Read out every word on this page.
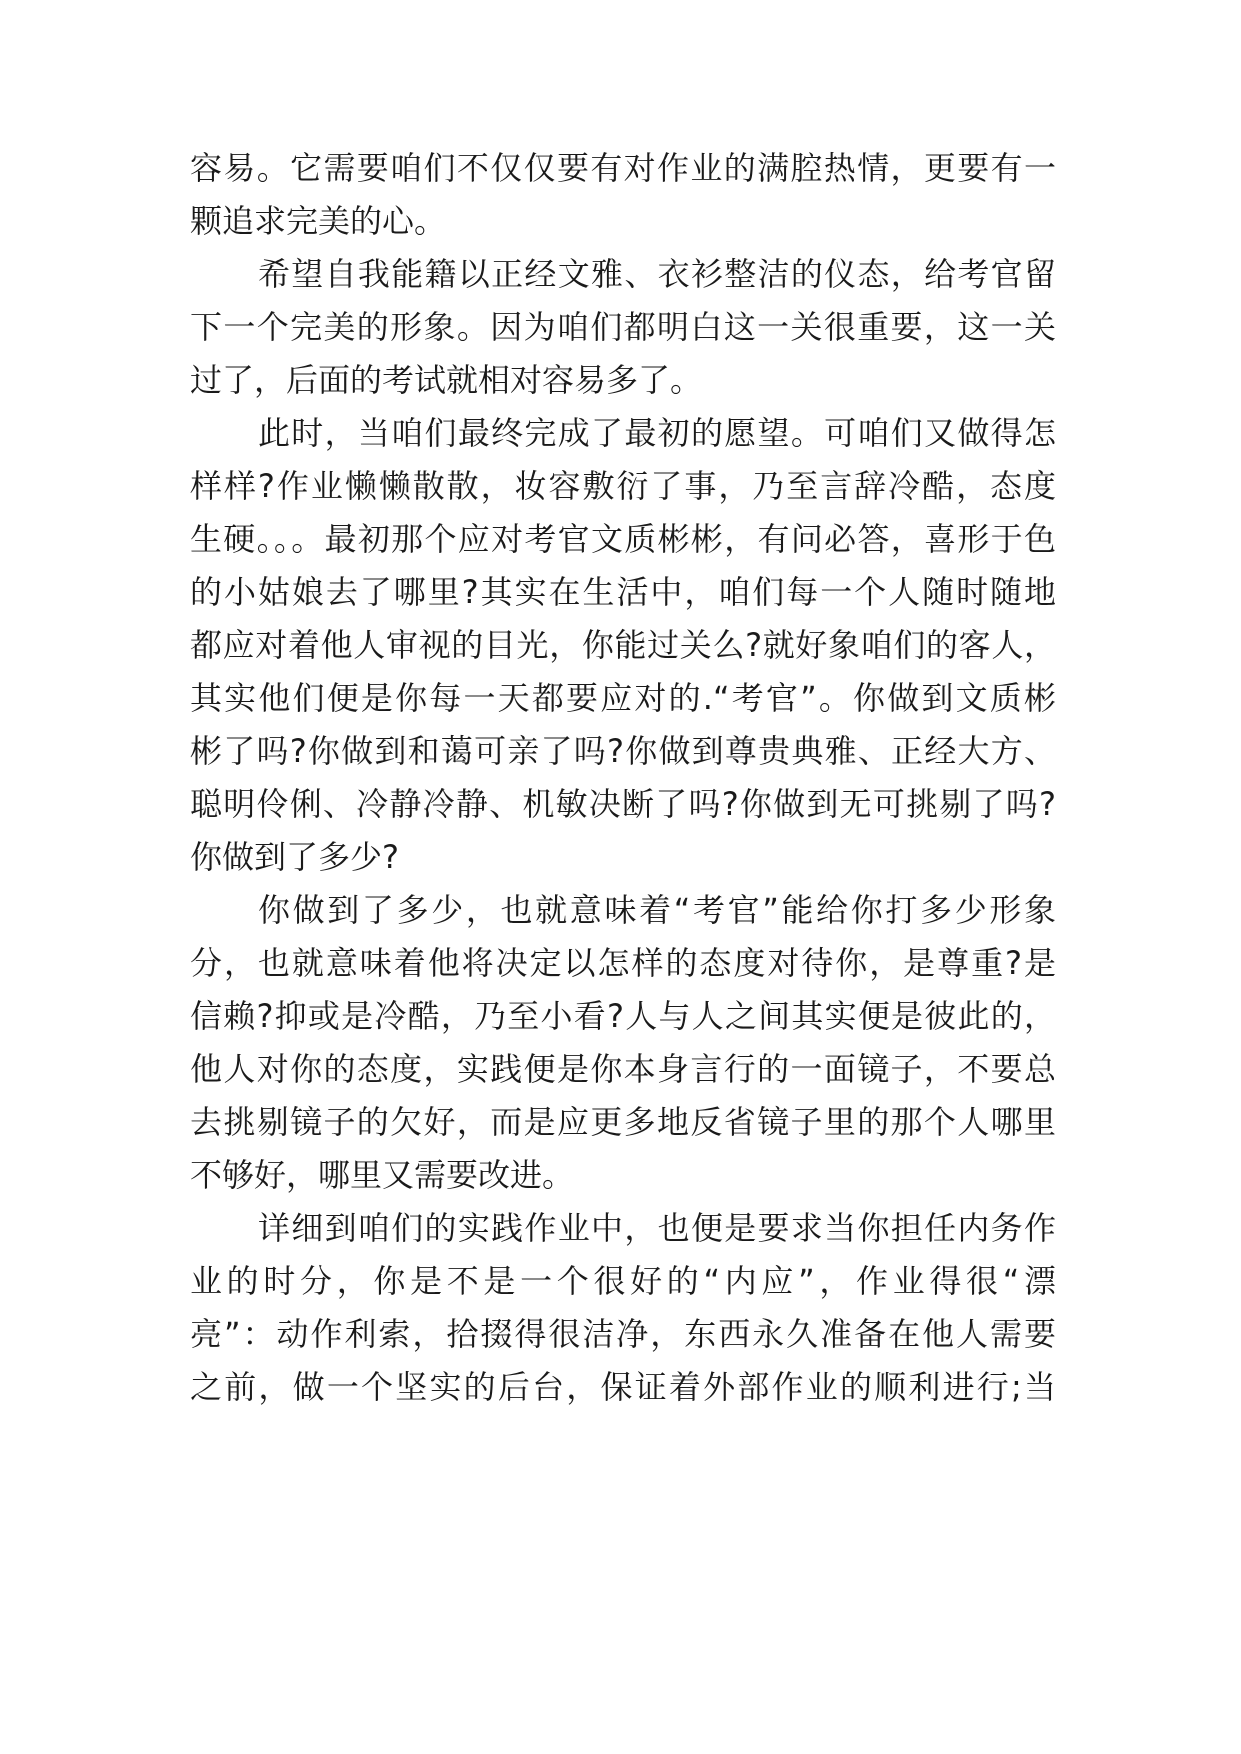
容易。它需要咱们不仅仅要有对作业的满腔热情，更要有一
颗追求完美的心。
希望自我能籍以正经文雅、衣衫整洁的仪态，给考官留
下一个完美的形象。因为咱们都明白这一关很重要，这一关
过了，后面的考试就相对容易多了。
此时，当咱们最终完成了最初的愿望。可咱们又做得怎
样样?作业懒懒散散，妆容敷衍了事，乃至言辞冷酷，态度
生硬。。。最初那个应对考官文质彬彬，有问必答，喜形于色
的小姑娘去了哪里?其实在生活中，咱们每一个人随时随地
都应对着他人审视的目光，你能过关么?就好象咱们的客人，
其实他们便是你每一天都要应对的.“考官”。你做到文质彬
彬了吗?你做到和蔼可亲了吗?你做到尊贵典雅、正经大方、
聪明伶俐、冷静冷静、机敏决断了吗?你做到无可挑剔了吗?
你做到了多少?
你做到了多少，也就意味着“考官”能给你打多少形象
分，也就意味着他将决定以怎样的态度对待你，是尊重?是
信赖?抑或是冷酷，乃至小看?人与人之间其实便是彼此的，
他人对你的态度，实践便是你本身言行的一面镜子，不要总
去挑剔镜子的欠好，而是应更多地反省镜子里的那个人哪里
不够好，哪里又需要改进。
详细到咱们的实践作业中，也便是要求当你担任内务作
业的时分，你是不是一个很好的“内应”，作业得很“漂
亮”：动作利索，拾掇得很洁净，东西永久准备在他人需要
之前，做一个坚实的后台，保证着外部作业的顺利进行;当
